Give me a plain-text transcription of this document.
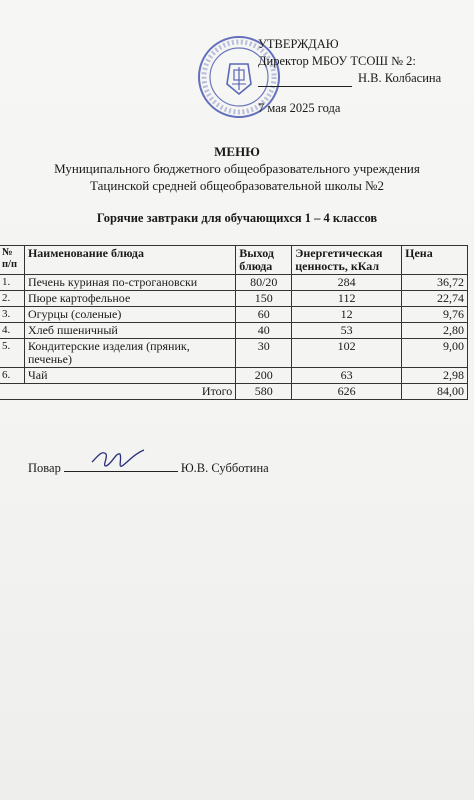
УТВЕРЖДАЮ
Директор МБОУ ТСОШ № 2:
Н.В. Колбасина
7 мая 2025 года
МЕНЮ
Муниципального бюджетного общеобразовательного учреждения
Тацинской средней общеобразовательной школы №2
Горячие завтраки для обучающихся 1 – 4 классов
№ п/п	Наименование блюда	Выход блюда	Энергетическая ценность, кКал	Цена
1.	Печень куриная по-строгановски	80/20	284	36,72
2.	Пюре картофельное	150	112	22,74
3.	Огурцы (соленые)	60	12	9,76
4.	Хлеб пшеничный	40	53	2,80
5.	Кондитерские изделия (пряник, печенье)	30	102	9,00
6.	Чай	200	63	2,98
Итого		580	626	84,00
Повар	Ю.В. Субботина
